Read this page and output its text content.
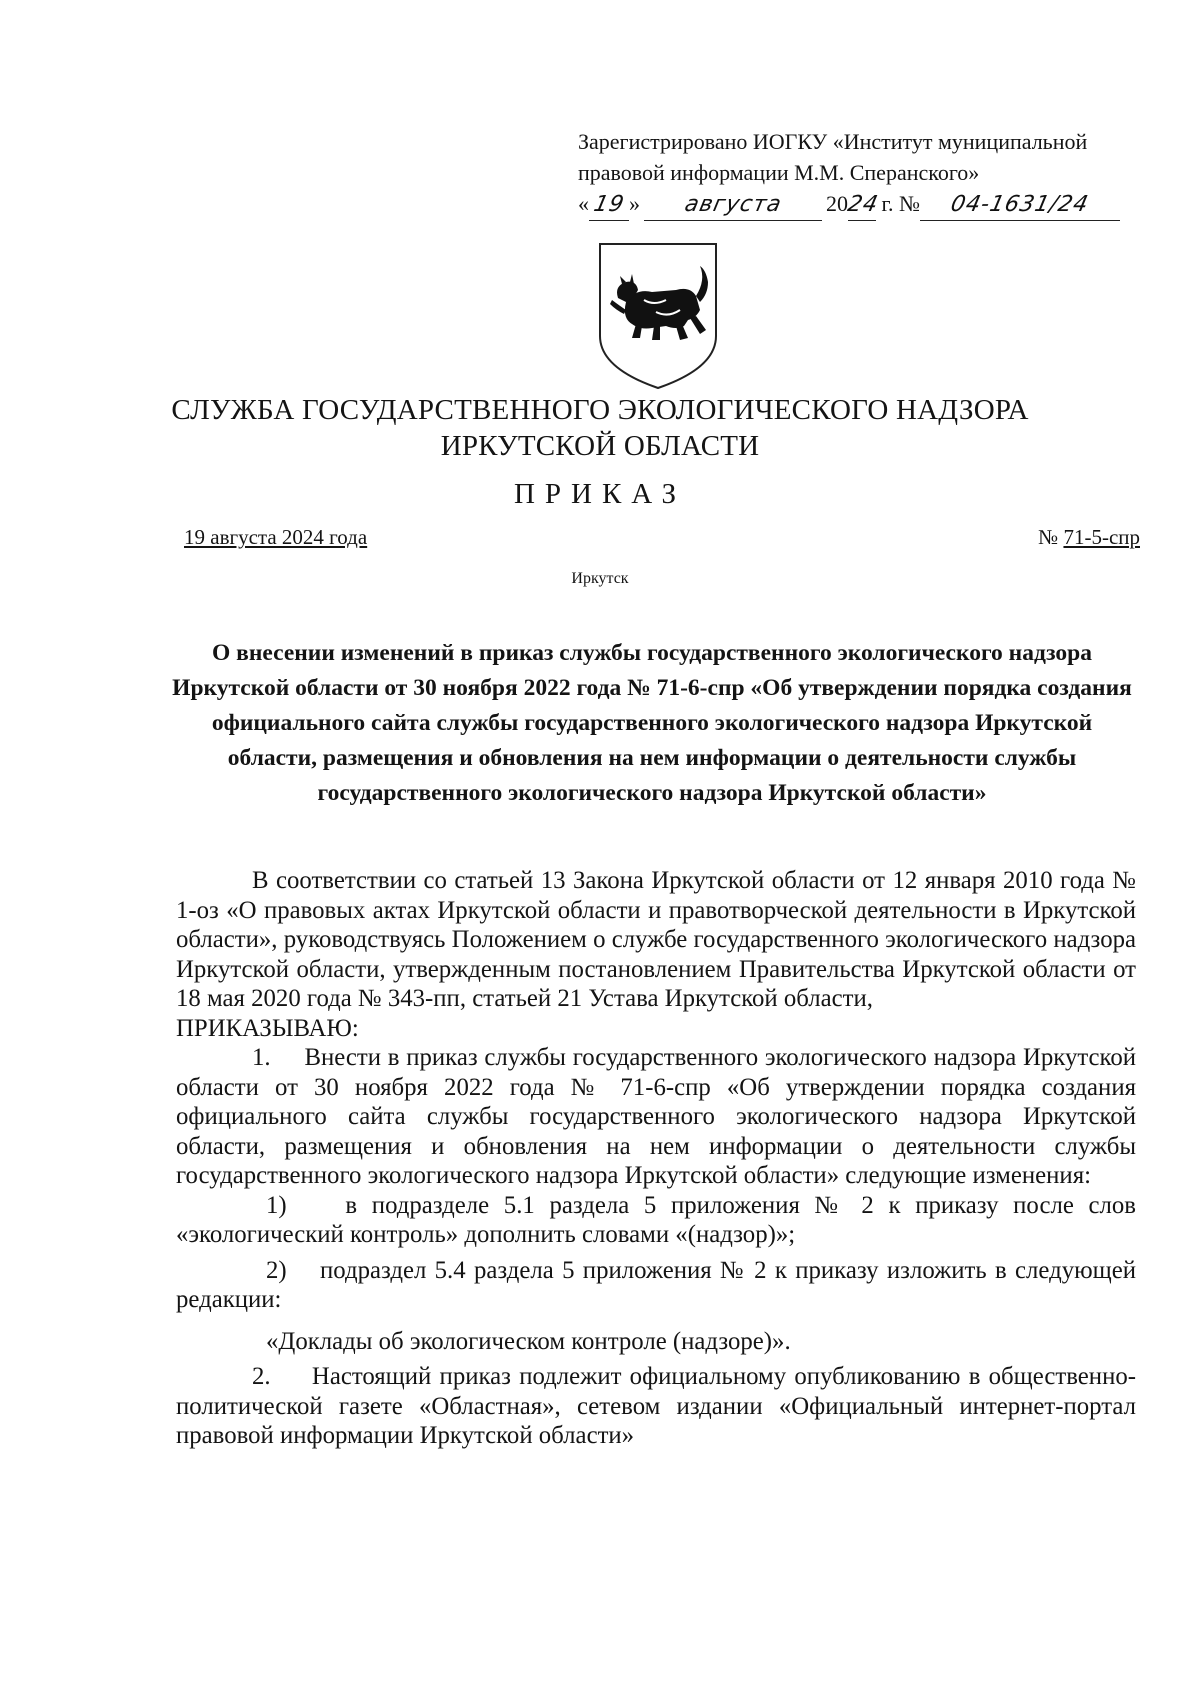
Зарегистрировано ИОГКУ «Институт муниципальной
правовой информации М.М. Сперанского»
« 19 » августа 2024 г. № 04-1631/24
СЛУЖБА ГОСУДАРСТВЕННОГО ЭКОЛОГИЧЕСКОГО НАДЗОРА
ИРКУТСКОЙ ОБЛАСТИ
ПРИКАЗ
19 августа 2024 года	№ 71-5-спр
Иркутск
О внесении изменений в приказ службы государственного экологического надзора Иркутской области от 30 ноября 2022 года № 71-6-спр «Об утверждении порядка создания официального сайта службы государственного экологического надзора Иркутской области, размещения и обновления на нем информации о деятельности службы государственного экологического надзора Иркутской области»

В соответствии со статьей 13 Закона Иркутской области от 12 января 2010 года № 1-оз «О правовых актах Иркутской области и правотворческой деятельности в Иркутской области», руководствуясь Положением о службе государственного экологического надзора Иркутской области, утвержденным постановлением Правительства Иркутской области от 18 мая 2020 года № 343-пп, статьей 21 Устава Иркутской области,

ПРИКАЗЫВАЮ:

1. Внести в приказ службы государственного экологического надзора Иркутской области от 30 ноября 2022 года № 71-6-спр «Об утверждении порядка создания официального сайта службы государственного экологического надзора Иркутской области, размещения и обновления на нем информации о деятельности службы государственного экологического надзора Иркутской области» следующие изменения:

1) в подразделе 5.1 раздела 5 приложения № 2 к приказу после слов «экологический контроль» дополнить словами «(надзор)»;

2) подраздел 5.4 раздела 5 приложения № 2 к приказу изложить в следующей редакции:

«Доклады об экологическом контроле (надзоре)».

2. Настоящий приказ подлежит официальному опубликованию в общественно-политической газете «Областная», сетевом издании «Официальный интернет-портал правовой информации Иркутской области»
